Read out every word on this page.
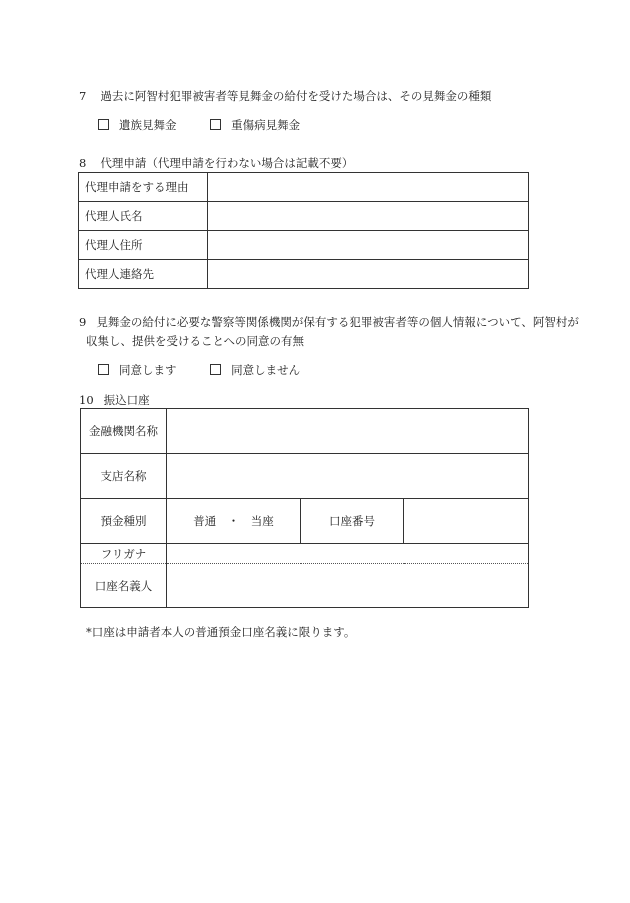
7 過去に阿智村犯罪被害者等見舞金の給付を受けた場合は、その見舞金の種類
遺族見舞金	重傷病見舞金
8 代理申請（代理申請を行わない場合は記載不要）
代理申請をする理由	
代理人氏名	
代理人住所	
代理人連絡先	
9 見舞金の給付に必要な警察等関係機関が保有する犯罪被害者等の個人情報について、阿智村が
収集し、提供を受けることへの同意の有無
同意します	同意しません
10 振込口座
金融機関名称			
支店名称			
預金種別	普通　・　当座	口座番号	
フリガナ			
口座名義人			
*口座は申請者本人の普通預金口座名義に限ります。
